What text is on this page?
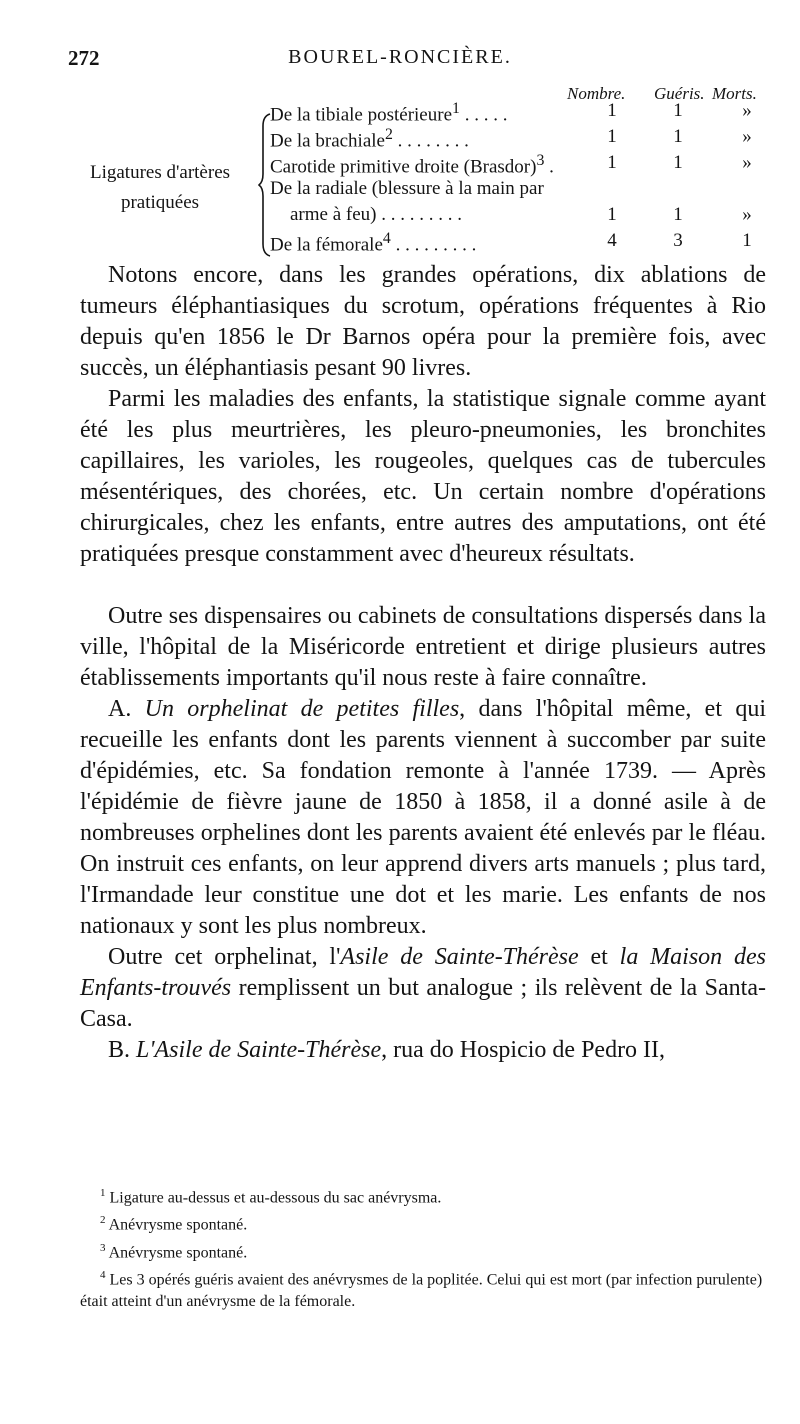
272	BOUREL-RONCIÈRE.
Nombre. Guéris. Morts.
Ligatures d'artères
pratiquées
De la tibiale postérieure$^1$ . . . . .	1	1	»
De la brachiale$^2$ . . . . . . . .	1	1	»
Carotide primitive droite (Brasdor)$^3$ .	1	1	»
De la radiale (blessure à la main par
arme à feu) . . . . . . . . .	1	1	»
De la fémorale$^4$ . . . . . . . . .	4	3	1

Notons encore, dans les grandes opérations, dix ablations de tumeurs éléphantiasiques du scrotum, opérations fréquentes à Rio depuis qu'en 1856 le Dr Barnos opéra pour la première fois, avec succès, un éléphantiasis pesant 90 livres.

Parmi les maladies des enfants, la statistique signale comme ayant été les plus meurtrières, les pleuro-pneumonies, les bronchites capillaires, les varioles, les rougeoles, quelques cas de tubercules mésentériques, des chorées, etc. Un certain nombre d'opérations chirurgicales, chez les enfants, entre autres des amputations, ont été pratiquées presque constamment avec d'heureux résultats.

Outre ses dispensaires ou cabinets de consultations dispersés dans la ville, l'hôpital de la Miséricorde entretient et dirige plusieurs autres établissements importants qu'il nous reste à faire connaître.

A. Un orphelinat de petites filles, dans l'hôpital même, et qui recueille les enfants dont les parents viennent à succomber par suite d'épidémies, etc. Sa fondation remonte à l'année 1739. — Après l'épidémie de fièvre jaune de 1850 à 1858, il a donné asile à de nombreuses orphelines dont les parents avaient été enlevés par le fléau. On instruit ces enfants, on leur apprend divers arts manuels ; plus tard, l'Irmandade leur constitue une dot et les marie. Les enfants de nos nationaux y sont les plus nombreux.

Outre cet orphelinat, l'Asile de Sainte-Thérèse et la Maison des Enfants-trouvés remplissent un but analogue ; ils relèvent de la Santa-Casa.

B. L'Asile de Sainte-Thérèse, rua do Hospicio de Pedro II,

$^1$ Ligature au-dessus et au-dessous du sac anévrysma.

$^2$ Anévrysme spontané.

$^3$ Anévrysme spontané.

$^4$ Les 3 opérés guéris avaient des anévrysmes de la poplitée. Celui qui est mort (par infection purulente) était atteint d'un anévrysme de la fémorale.
